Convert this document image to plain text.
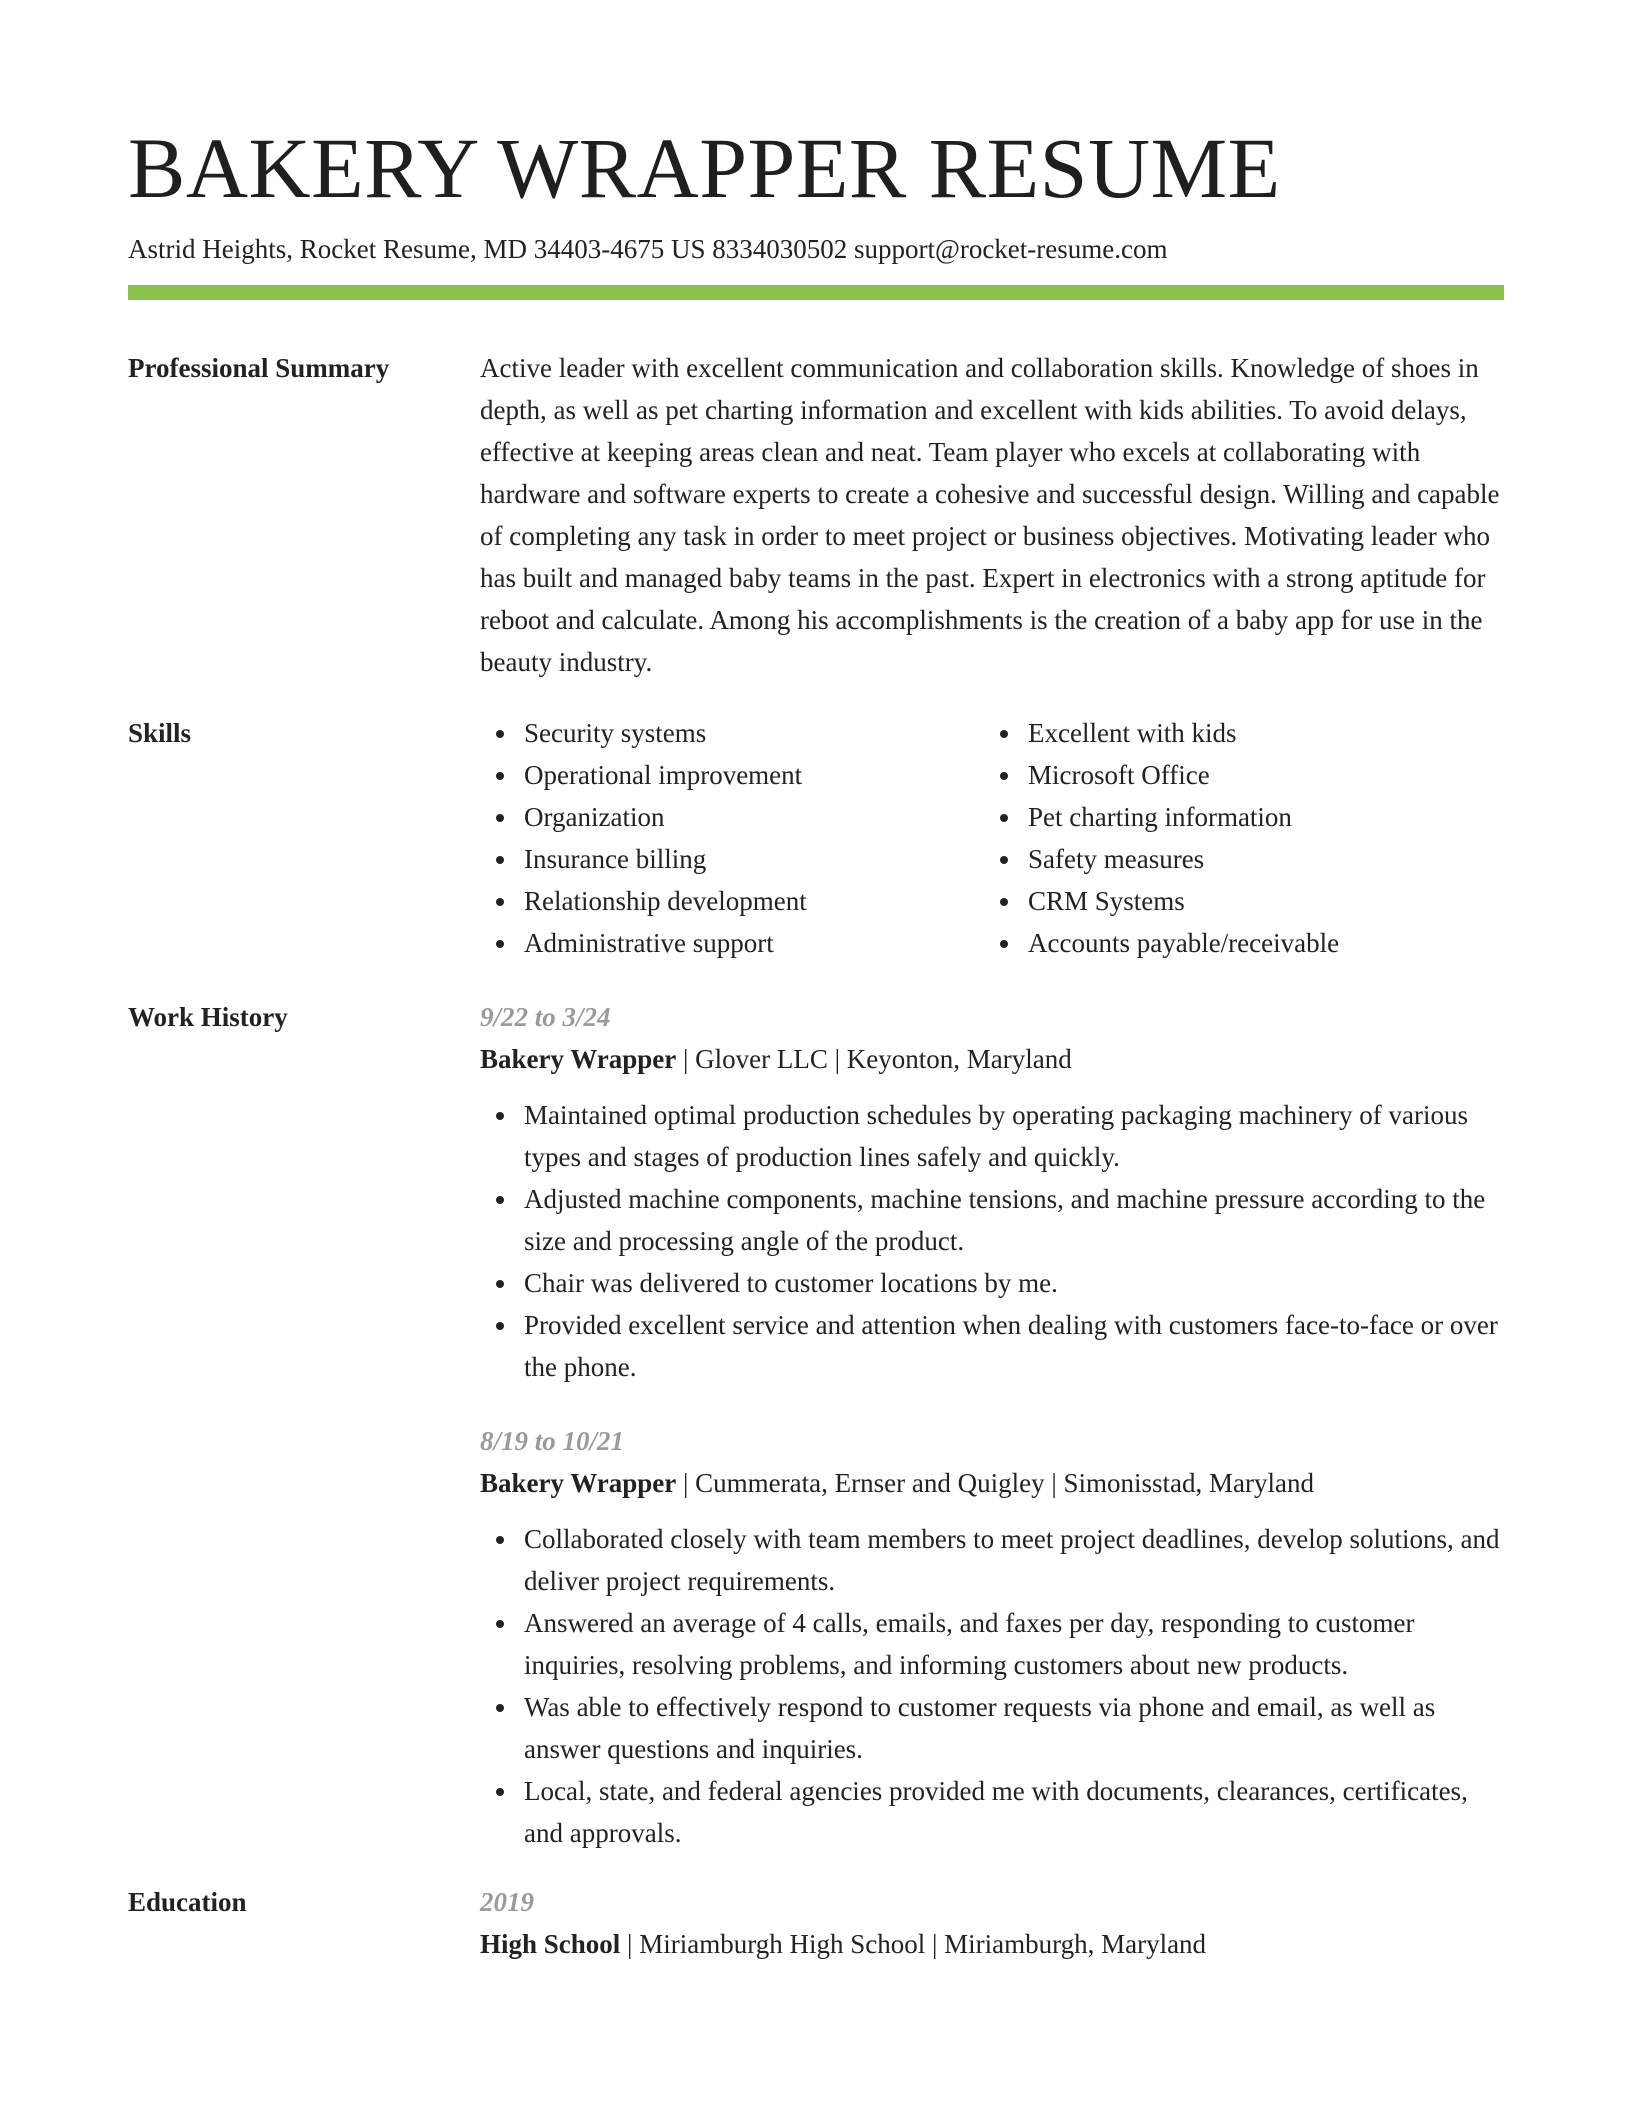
BAKERY WRAPPER RESUME
Astrid Heights, Rocket Resume, MD 34403-4675 US 8334030502 support@rocket-resume.com
Professional Summary	Active leader with excellent communication and collaboration skills. Knowledge of shoes in depth, as well as pet charting information and excellent with kids abilities. To avoid delays, effective at keeping areas clean and neat. Team player who excels at collaborating with hardware and software experts to create a cohesive and successful design. Willing and capable of completing any task in order to meet project or business objectives. Motivating leader who has built and managed baby teams in the past. Expert in electronics with a strong aptitude for reboot and calculate. Among his accomplishments is the creation of a baby app for use in the beauty industry.

Skills	Security systems
Operational improvement
Organization
Insurance billing
Relationship development
Administrative support
Excellent with kids
Microsoft Office
Pet charting information
Safety measures
CRM Systems
Accounts payable/receivable
Work History	9/22 to 3/24
Bakery Wrapper | Glover LLC | Keyonton, Maryland
Maintained optimal production schedules by operating packaging machinery of various types and stages of production lines safely and quickly.
Adjusted machine components, machine tensions, and machine pressure according to the size and processing angle of the product.
Chair was delivered to customer locations by me.
Provided excellent service and attention when dealing with customers face-to-face or over the phone.
8/19 to 10/21
Bakery Wrapper | Cummerata, Ernser and Quigley | Simonisstad, Maryland
Collaborated closely with team members to meet project deadlines, develop solutions, and deliver project requirements.
Answered an average of 4 calls, emails, and faxes per day, responding to customer inquiries, resolving problems, and informing customers about new products.
Was able to effectively respond to customer requests via phone and email, as well as answer questions and inquiries.
Local, state, and federal agencies provided me with documents, clearances, certificates, and approvals.
Education	2019
High School | Miriamburgh High School | Miriamburgh, Maryland
